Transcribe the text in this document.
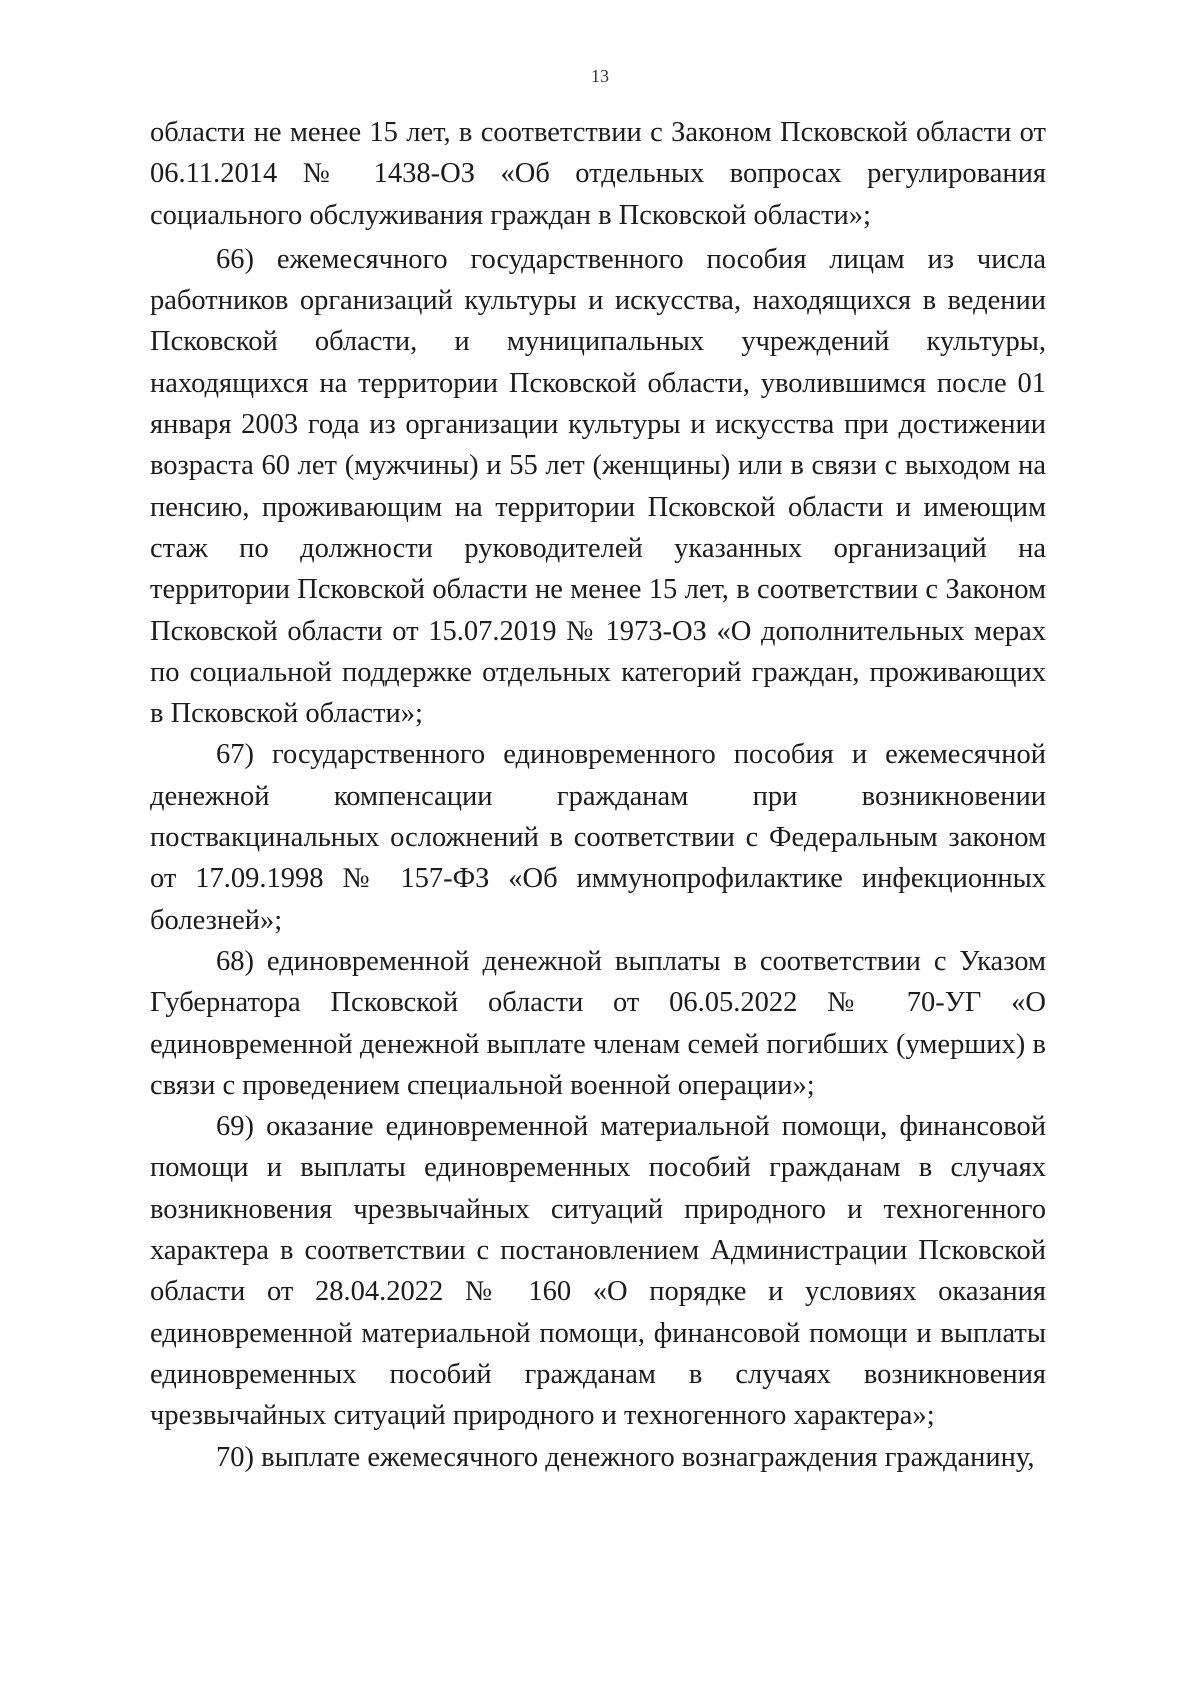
13

области не менее 15 лет, в соответствии с Законом Псковской области от 06.11.2014 № 1438-ОЗ «Об отдельных вопросах регулирования социального обслуживания граждан в Псковской области»;

66) ежемесячного государственного пособия лицам из числа работников организаций культуры и искусства, находящихся в ведении Псковской области, и муниципальных учреждений культуры, находящихся на территории Псковской области, уволившимся после 01 января 2003 года из организации культуры и искусства при достижении возраста 60 лет (мужчины) и 55 лет (женщины) или в связи с выходом на пенсию, проживающим на территории Псковской области и имеющим стаж по должности руководителей указанных организаций на территории Псковской области не менее 15 лет, в соответствии с Законом Псковской области от 15.07.2019 № 1973-ОЗ «О дополнительных мерах по социальной поддержке отдельных категорий граждан, проживающих в Псковской области»;

67) государственного единовременного пособия и ежемесячной денежной компенсации гражданам при возникновении поствакцинальных осложнений в соответствии с Федеральным законом от 17.09.1998 № 157-ФЗ «Об иммунопрофилактике инфекционных болезней»;

68) единовременной денежной выплаты в соответствии с Указом Губернатора Псковской области от 06.05.2022 № 70-УГ «О единовременной денежной выплате членам семей погибших (умерших) в связи с проведением специальной военной операции»;

69) оказание единовременной материальной помощи, финансовой помощи и выплаты единовременных пособий гражданам в случаях возникновения чрезвычайных ситуаций природного и техногенного характера в соответствии с постановлением Администрации Псковской области от 28.04.2022 № 160 «О порядке и условиях оказания единовременной материальной помощи, финансовой помощи и выплаты единовременных пособий гражданам в случаях возникновения чрезвычайных ситуаций природного и техногенного характера»;

70) выплате ежемесячного денежного вознаграждения гражданину,
